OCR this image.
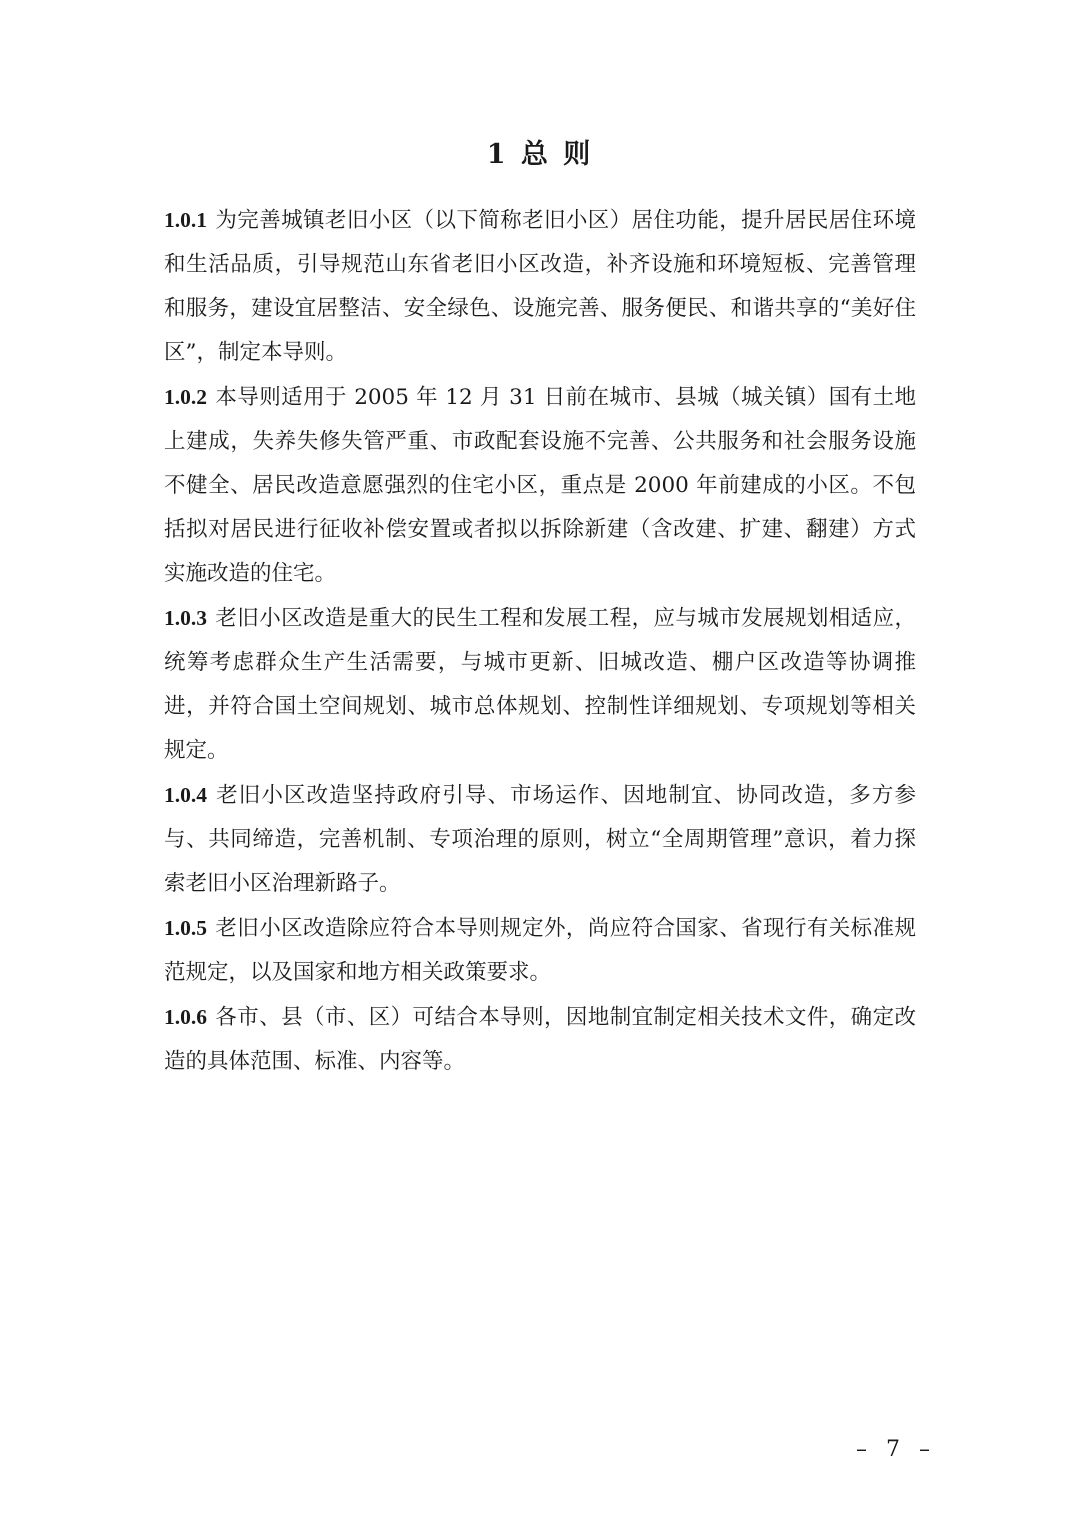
1 总 则

1.0.1 为完善城镇老旧小区（以下简称老旧小区）居住功能，提升居民居住环境和生活品质，引导规范山东省老旧小区改造，补齐设施和环境短板、完善管理和服务，建设宜居整洁、安全绿色、设施完善、服务便民、和谐共享的“美好住区”，制定本导则。

1.0.2 本导则适用于 2005 年 12 月 31 日前在城市、县城（城关镇）国有土地上建成，失养失修失管严重、市政配套设施不完善、公共服务和社会服务设施不健全、居民改造意愿强烈的住宅小区，重点是 2000 年前建成的小区。不包括拟对居民进行征收补偿安置或者拟以拆除新建（含改建、扩建、翻建）方式实施改造的住宅。

1.0.3 老旧小区改造是重大的民生工程和发展工程，应与城市发展规划相适应，统筹考虑群众生产生活需要，与城市更新、旧城改造、棚户区改造等协调推进，并符合国土空间规划、城市总体规划、控制性详细规划、专项规划等相关规定。

1.0.4 老旧小区改造坚持政府引导、市场运作、因地制宜、协同改造，多方参与、共同缔造，完善机制、专项治理的原则，树立“全周期管理”意识，着力探索老旧小区治理新路子。

1.0.5 老旧小区改造除应符合本导则规定外，尚应符合国家、省现行有关标准规范规定，以及国家和地方相关政策要求。

1.0.6 各市、县（市、区）可结合本导则，因地制宜制定相关技术文件，确定改造的具体范围、标准、内容等。

– 7 –
